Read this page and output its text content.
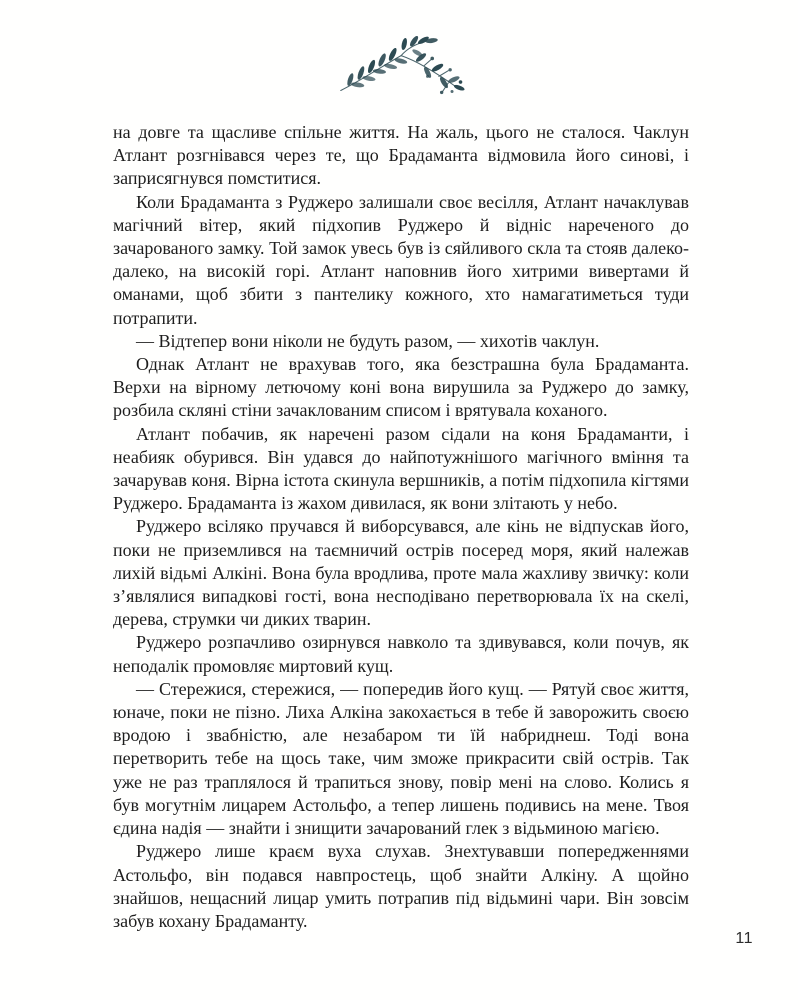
на довге та щасливе спільне життя. На жаль, цього не сталося. Чаклун Атлант розгнівався через те, що Брадаманта відмовила його синові, і заприсягнувся помститися.

Коли Брадаманта з Руджеро залишали своє весілля, Атлант начаклував магічний вітер, який підхопив Руджеро й відніс нареченого до зачарованого замку. Той замок увесь був із сяйливого скла та стояв далеко-далеко, на високій горі. Атлант наповнив його хитрими вивертами й оманами, щоб збити з пантелику кожного, хто намагатиметься туди потрапити.

— Відтепер вони ніколи не будуть разом, — хихотів чаклун.

Однак Атлант не врахував того, яка безстрашна була Брадаманта. Верхи на вірному летючому коні вона вирушила за Руджеро до замку, розбила скляні стіни зачаклованим списом і врятувала коханого.

Атлант побачив, як наречені разом сідали на коня Брадаманти, і неабияк обурився. Він удався до найпотужнішого магічного вміння та зачарував коня. Вірна істота скинула вершників, а потім підхопила кігтями Руджеро. Брадаманта із жахом дивилася, як вони злітають у небо.

Руджеро всіляко пручався й виборсувався, але кінь не відпускав його, поки не приземлився на таємничий острів посеред моря, який належав лихій відьмі Алкіні. Вона була вродлива, проте мала жахливу звичку: коли з’являлися випадкові гості, вона несподівано перетворювала їх на скелі, дерева, струмки чи диких тварин.

Руджеро розпачливо озирнувся навколо та здивувався, коли почув, як неподалік промовляє миртовий кущ.

— Стережися, стережися, — попередив його кущ. — Рятуй своє життя, юначе, поки не пізно. Лиха Алкіна закохається в тебе й заворожить своєю вродою і звабністю, але незабаром ти їй набриднеш. Тоді вона перетворить тебе на щось таке, чим зможе прикрасити свій острів. Так уже не раз траплялося й трапиться знову, повір мені на слово. Колись я був могутнім лицарем Астольфо, а тепер лишень подивись на мене. Твоя єдина надія — знайти і знищити зачарований глек з відьминою магією.

Руджеро лише краєм вуха слухав. Знехтувавши попередженнями Астольфо, він подався навпростець, щоб знайти Алкіну. А щойно знайшов, нещасний лицар умить потрапив під відьмині чари. Він зовсім забув кохану Брадаманту.

11
